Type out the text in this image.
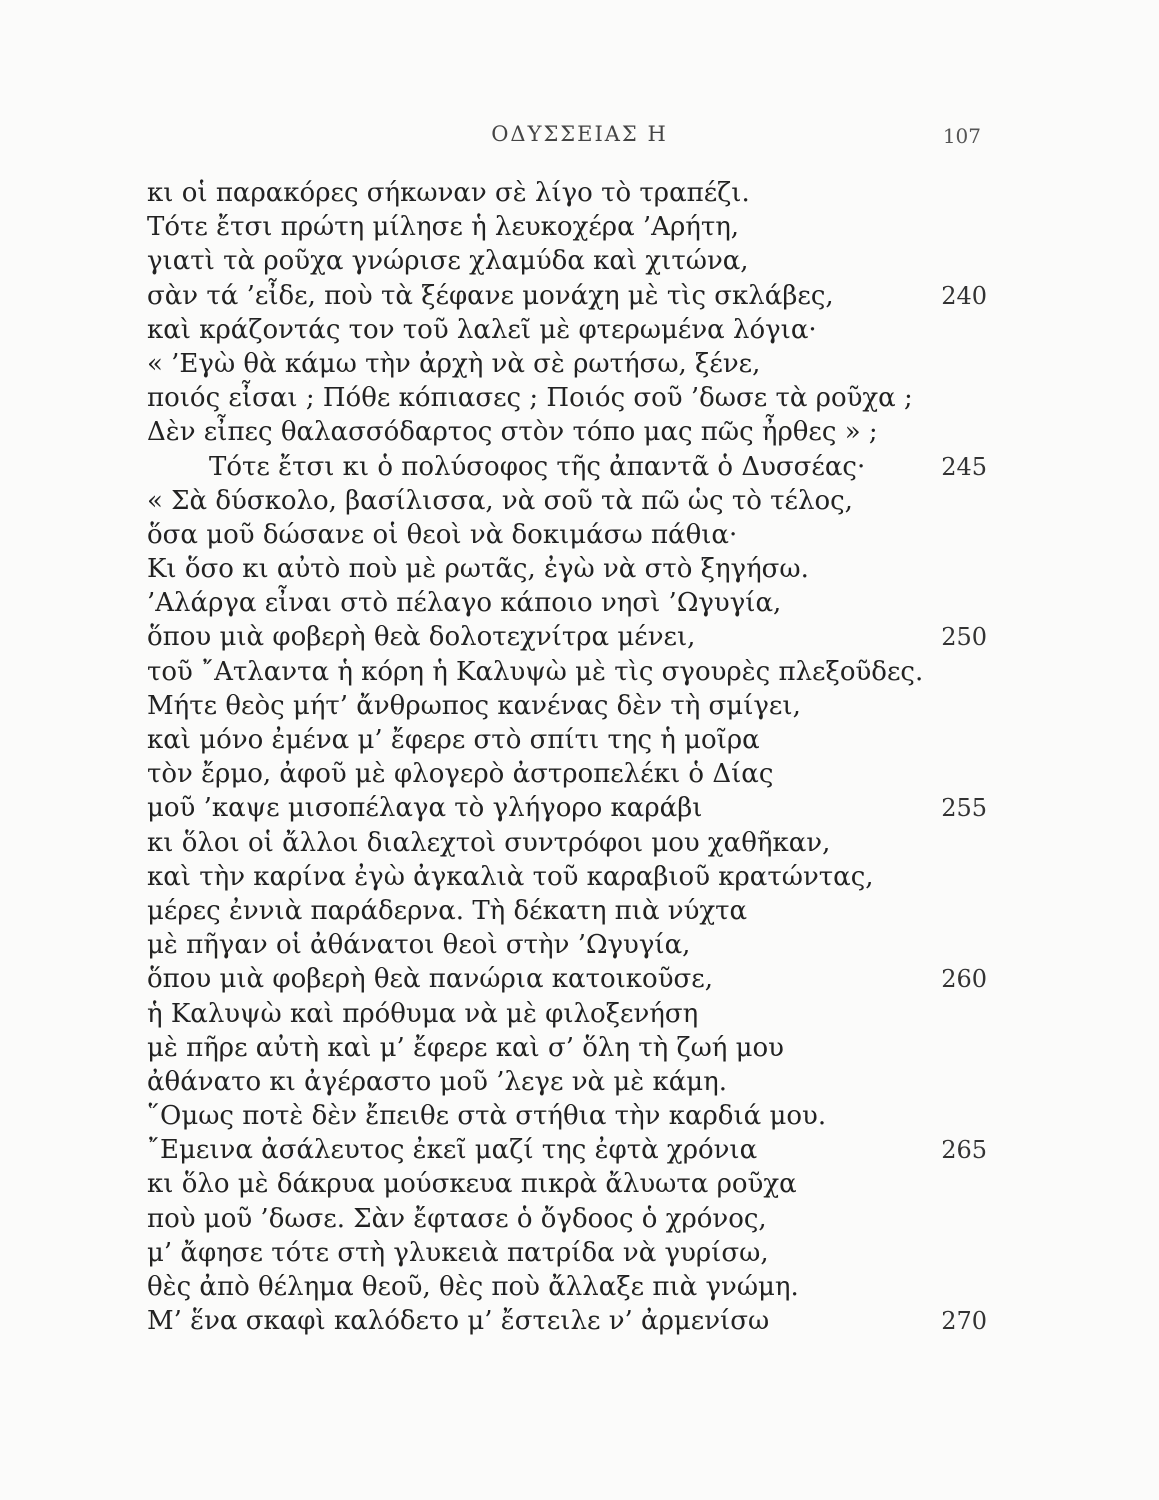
ΟΔΥΣΣΕΙΑΣ Η	107
κι οἱ παρακόρες σήκωναν σὲ λίγο τὸ τραπέζι.
Τότε ἔτσι πρώτη μίλησε ἡ λευκοχέρα ’Αρήτη,
γιατὶ τὰ ροῦχα γνώρισε χλαμύδα καὶ χιτώνα,
σὰν τά ’εἶδε, ποὺ τὰ ξέφανε μονάχη μὲ τὶς σκλάβες,	240
καὶ κράζοντάς τον τοῦ λαλεῖ μὲ φτερωμένα λόγια·
« ’Εγὼ θὰ κάμω τὴν ἀρχὴ νὰ σὲ ρωτήσω, ξένε,
ποιός εἶσαι ; Πόθε κόπιασες ; Ποιός σοῦ ’δωσε τὰ ροῦχα ;
Δὲν εἶπες θαλασσόδαρτος στὸν τόπο μας πῶς ἦρθες » ;
Τότε ἔτσι κι ὁ πολύσοφος τῆς ἀπαντᾶ ὁ Δυσσέας·	245
« Σὰ δύσκολο, βασίλισσα, νὰ σοῦ τὰ πῶ ὡς τὸ τέλος,
ὅσα μοῦ δώσανε οἱ θεοὶ νὰ δοκιμάσω πάθια·
Κι ὅσο κι αὐτὸ ποὺ μὲ ρωτᾶς, ἐγὼ νὰ στὸ ξηγήσω.
’Αλάργα εἶναι στὸ πέλαγο κάποιο νησὶ ’Ωγυγία,
ὅπου μιὰ φοβερὴ θεὰ δολοτεχνίτρα μένει,	250
τοῦ ῎Ατλαντα ἡ κόρη ἡ Καλυψὼ μὲ τὶς σγουρὲς πλεξοῦδες.
Μήτε θεὸς μήτ’ ἄνθρωπος κανένας δὲν τὴ σμίγει,
καὶ μόνο ἐμένα μ’ ἔφερε στὸ σπίτι της ἡ μοῖρα
τὸν ἔρμο, ἀφοῦ μὲ φλογερὸ ἀστροπελέκι ὁ Δίας
μοῦ ’καψε μισοπέλαγα τὸ γλήγορο καράβι	255
κι ὅλοι οἱ ἄλλοι διαλεχτοὶ συντρόφοι μου χαθῆκαν,
καὶ τὴν καρίνα ἐγὼ ἀγκαλιὰ τοῦ καραβιοῦ κρατώντας,
μέρες ἐννιὰ παράδερνα. Τὴ δέκατη πιὰ νύχτα
μὲ πῆγαν οἱ ἀθάνατοι θεοὶ στὴν ’Ωγυγία,
ὅπου μιὰ φοβερὴ θεὰ πανώρια κατοικοῦσε,	260
ἡ Καλυψὼ καὶ πρόθυμα νὰ μὲ φιλοξενήση
μὲ πῆρε αὐτὴ καὶ μ’ ἔφερε καὶ σ’ ὅλη τὴ ζωή μου
ἀθάνατο κι ἀγέραστο μοῦ ’λεγε νὰ μὲ κάμη.
῞Ομως ποτὲ δὲν ἔπειθε στὰ στήθια τὴν καρδιά μου.
῎Εμεινα ἀσάλευτος ἐκεῖ μαζί της ἐφτὰ χρόνια	265
κι ὅλο μὲ δάκρυα μούσκευα πικρὰ ἄλυωτα ροῦχα
ποὺ μοῦ ’δωσε. Σὰν ἔφτασε ὁ ὄγδοος ὁ χρόνος,
μ’ ἄφησε τότε στὴ γλυκειὰ πατρίδα νὰ γυρίσω,
θὲς ἀπὸ θέλημα θεοῦ, θὲς ποὺ ἄλλαξε πιὰ γνώμη.
Μ’ ἕνα σκαφὶ καλόδετο μ’ ἔστειλε ν’ ἀρμενίσω	270
